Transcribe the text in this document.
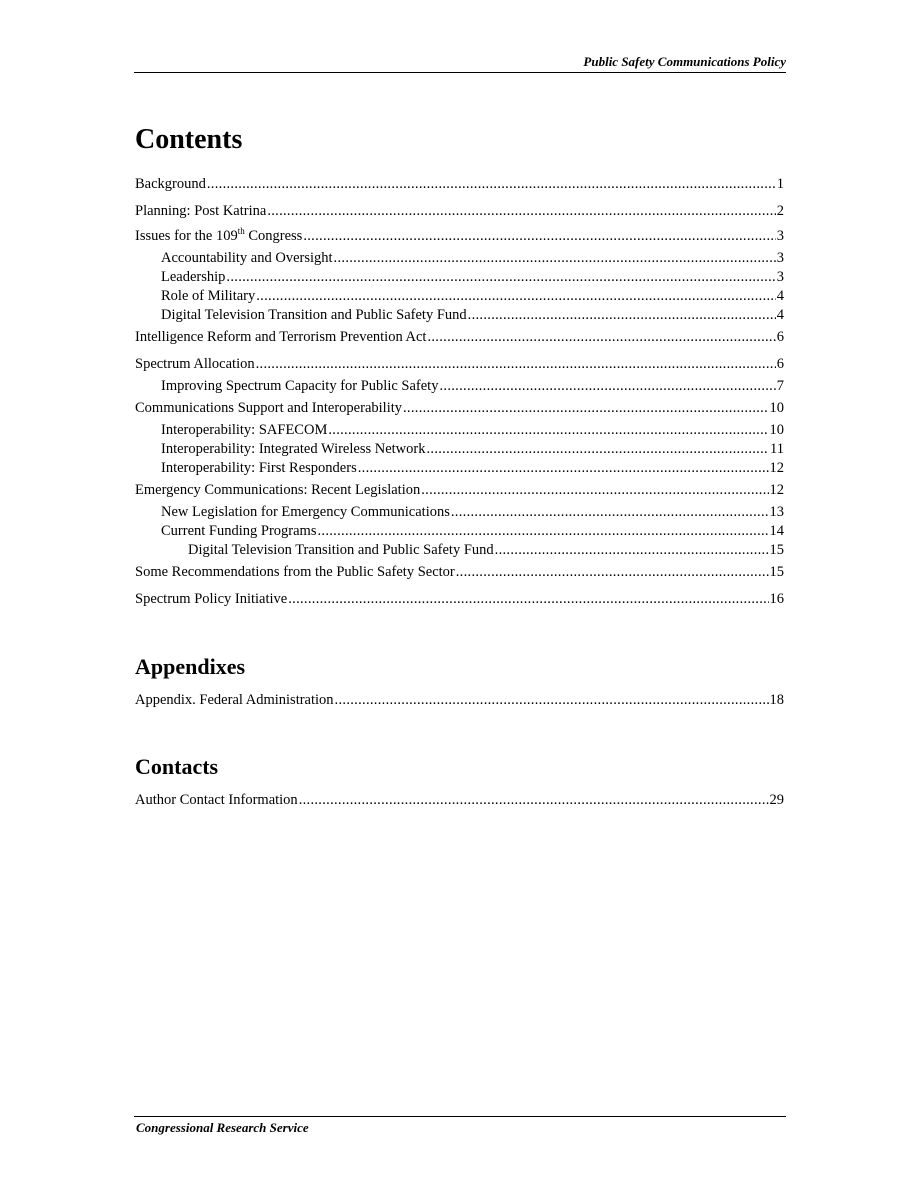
Public Safety Communications Policy
Contents
Background .....	1
Planning: Post Katrina .....	2
Issues for the 109th Congress .....	3
Accountability and Oversight .....	3
Leadership .....	3
Role of Military .....	4
Digital Television Transition and Public Safety Fund .....	4
Intelligence Reform and Terrorism Prevention Act .....	6
Spectrum Allocation .....	6
Improving Spectrum Capacity for Public Safety .....	7
Communications Support and Interoperability .....	10
Interoperability: SAFECOM .....	10
Interoperability: Integrated Wireless Network .....	11
Interoperability: First Responders .....	12
Emergency Communications: Recent Legislation .....	12
New Legislation for Emergency Communications .....	13
Current Funding Programs .....	14
Digital Television Transition and Public Safety Fund .....	15
Some Recommendations from the Public Safety Sector .....	15
Spectrum Policy Initiative .....	16
Appendixes
Appendix. Federal Administration .....	18
Contacts
Author Contact Information .....	29
Congressional Research Service
